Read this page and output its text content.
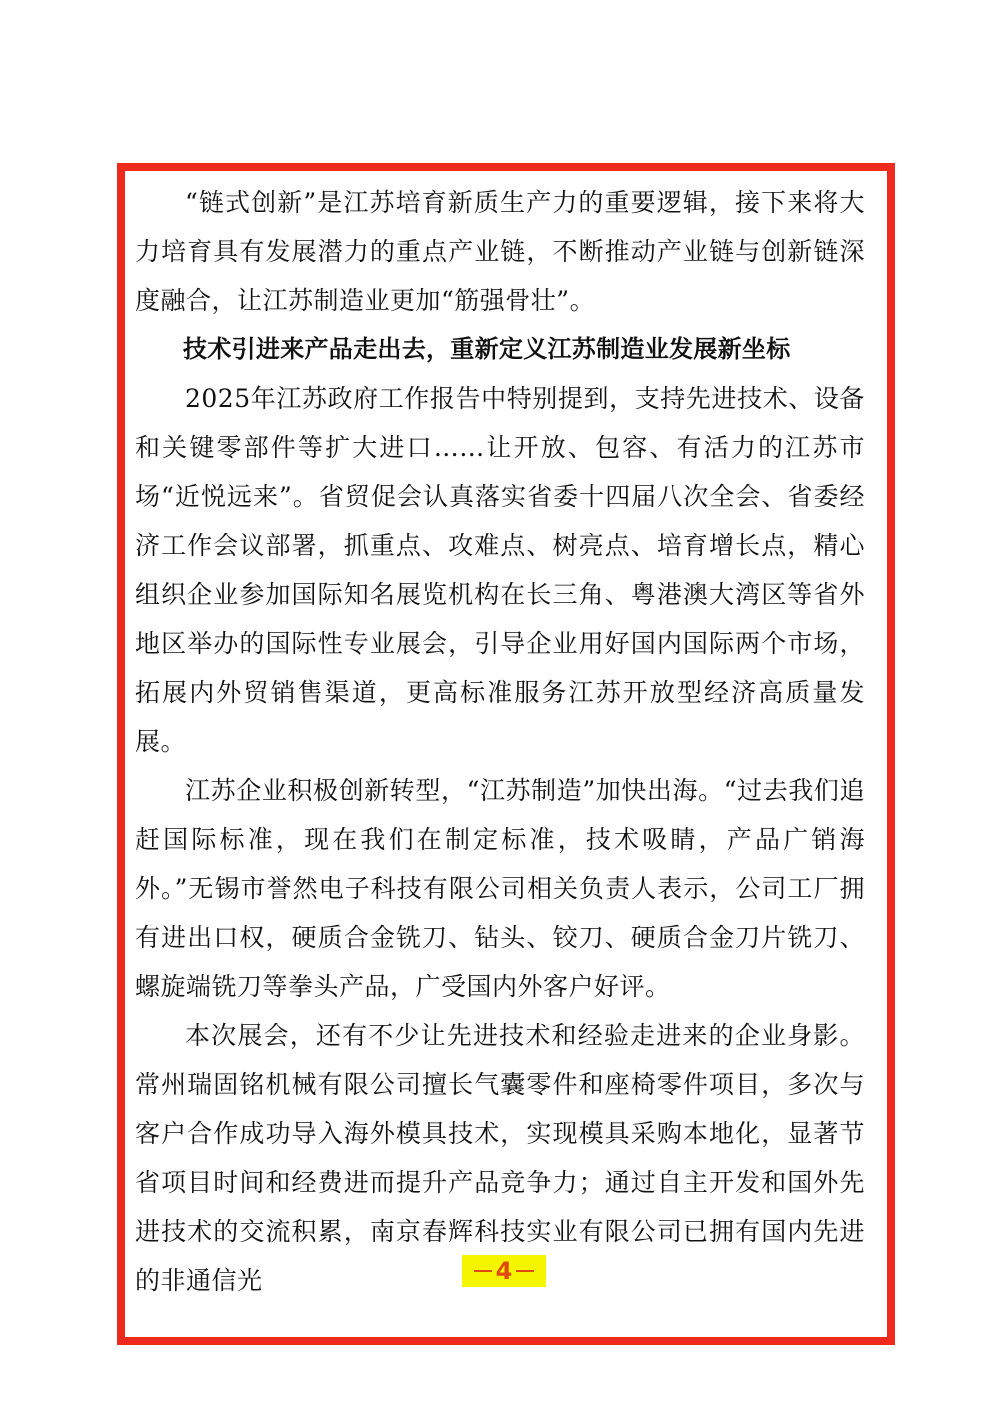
“链式创新”是江苏培育新质生产力的重要逻辑，接下来将大力培育具有发展潜力的重点产业链，不断推动产业链与创新链深度融合，让江苏制造业更加“筋强骨壮”。

技术引进来产品走出去，重新定义江苏制造业发展新坐标

2025年江苏政府工作报告中特别提到，支持先进技术、设备和关键零部件等扩大进口……让开放、包容、有活力的江苏市场“近悦远来”。省贸促会认真落实省委十四届八次全会、省委经济工作会议部署，抓重点、攻难点、树亮点、培育增长点，精心组织企业参加国际知名展览机构在长三角、粤港澳大湾区等省外地区举办的国际性专业展会，引导企业用好国内国际两个市场，拓展内外贸销售渠道，更高标准服务江苏开放型经济高质量发展。

江苏企业积极创新转型，“江苏制造”加快出海。“过去我们追赶国际标准，现在我们在制定标准，技术吸睛，产品广销海外。”无锡市誉然电子科技有限公司相关负责人表示，公司工厂拥有进出口权，硬质合金铣刀、钻头、铰刀、硬质合金刀片铣刀、螺旋端铣刀等拳头产品，广受国内外客户好评。

本次展会，还有不少让先进技术和经验走进来的企业身影。常州瑞固铭机械有限公司擅长气囊零件和座椅零件项目，多次与客户合作成功导入海外模具技术，实现模具采购本地化，显著节省项目时间和经费进而提升产品竞争力；通过自主开发和国外先进技术的交流积累，南京春辉科技实业有限公司已拥有国内先进的非通信光	4
